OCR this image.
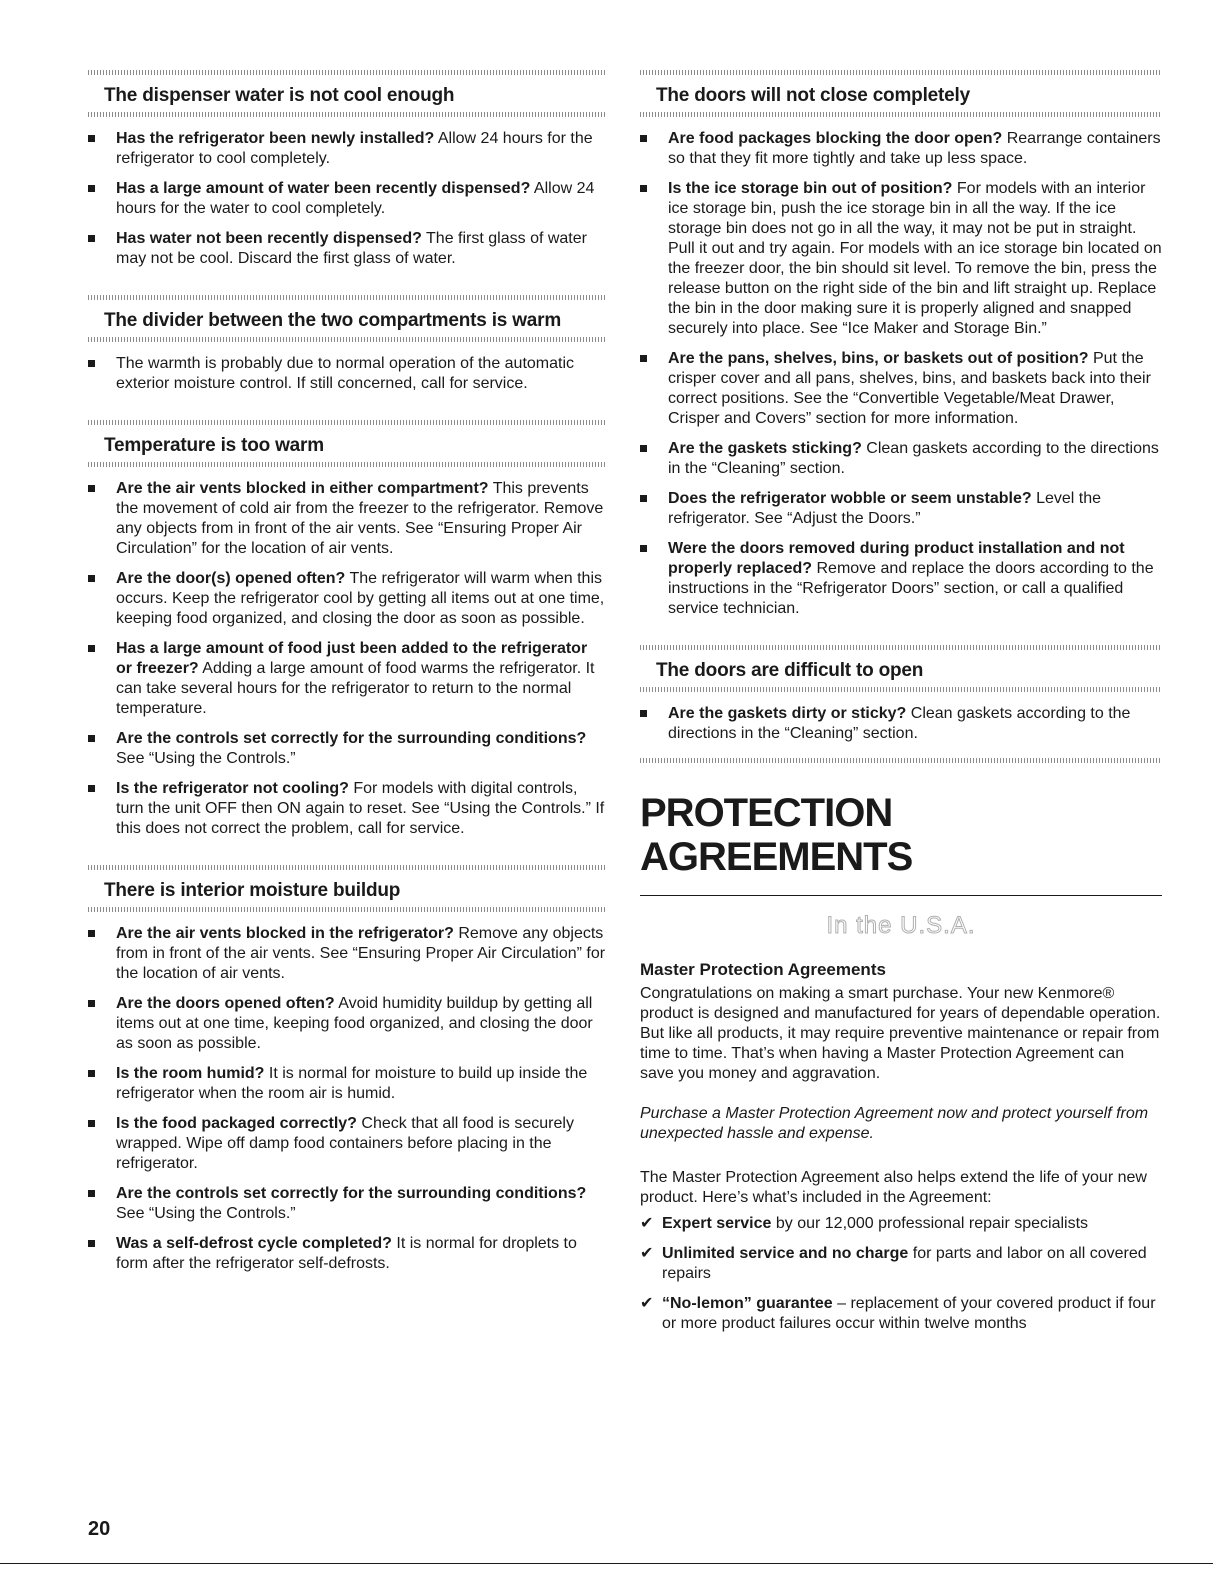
The dispenser water is not cool enough
Has the refrigerator been newly installed? Allow 24 hours for the refrigerator to cool completely.
Has a large amount of water been recently dispensed? Allow 24 hours for the water to cool completely.
Has water not been recently dispensed? The first glass of water may not be cool. Discard the first glass of water.
The divider between the two compartments is warm
The warmth is probably due to normal operation of the automatic exterior moisture control. If still concerned, call for service.
Temperature is too warm
Are the air vents blocked in either compartment? This prevents the movement of cold air from the freezer to the refrigerator. Remove any objects from in front of the air vents. See “Ensuring Proper Air Circulation” for the location of air vents.
Are the door(s) opened often? The refrigerator will warm when this occurs. Keep the refrigerator cool by getting all items out at one time, keeping food organized, and closing the door as soon as possible.
Has a large amount of food just been added to the refrigerator or freezer? Adding a large amount of food warms the refrigerator. It can take several hours for the refrigerator to return to the normal temperature.
Are the controls set correctly for the surrounding conditions? See “Using the Controls.”
Is the refrigerator not cooling? For models with digital controls, turn the unit OFF then ON again to reset. See “Using the Controls.” If this does not correct the problem, call for service.
There is interior moisture buildup
Are the air vents blocked in the refrigerator? Remove any objects from in front of the air vents. See “Ensuring Proper Air Circulation” for the location of air vents.
Are the doors opened often? Avoid humidity buildup by getting all items out at one time, keeping food organized, and closing the door as soon as possible.
Is the room humid? It is normal for moisture to build up inside the refrigerator when the room air is humid.
Is the food packaged correctly? Check that all food is securely wrapped. Wipe off damp food containers before placing in the refrigerator.
Are the controls set correctly for the surrounding conditions? See “Using the Controls.”
Was a self-defrost cycle completed? It is normal for droplets to form after the refrigerator self-defrosts.
The doors will not close completely
Are food packages blocking the door open? Rearrange containers so that they fit more tightly and take up less space.
Is the ice storage bin out of position? For models with an interior ice storage bin, push the ice storage bin in all the way. If the ice storage bin does not go in all the way, it may not be put in straight. Pull it out and try again. For models with an ice storage bin located on the freezer door, the bin should sit level. To remove the bin, press the release button on the right side of the bin and lift straight up. Replace the bin in the door making sure it is properly aligned and snapped securely into place. See “Ice Maker and Storage Bin.”
Are the pans, shelves, bins, or baskets out of position? Put the crisper cover and all pans, shelves, bins, and baskets back into their correct positions. See the “Convertible Vegetable/Meat Drawer, Crisper and Covers” section for more information.
Are the gaskets sticking? Clean gaskets according to the directions in the “Cleaning” section.
Does the refrigerator wobble or seem unstable? Level the refrigerator. See “Adjust the Doors.”
Were the doors removed during product installation and not properly replaced? Remove and replace the doors according to the instructions in the “Refrigerator Doors” section, or call a qualified service technician.
The doors are difficult to open
Are the gaskets dirty or sticky? Clean gaskets according to the directions in the “Cleaning” section.
PROTECTION AGREEMENTS
In the U.S.A.
Master Protection Agreements

Congratulations on making a smart purchase. Your new Kenmore® product is designed and manufactured for years of dependable operation. But like all products, it may require preventive maintenance or repair from time to time. That’s when having a Master Protection Agreement can save you money and aggravation.

Purchase a Master Protection Agreement now and protect yourself from unexpected hassle and expense.

The Master Protection Agreement also helps extend the life of your new product. Here’s what’s included in the Agreement:

✔ Expert service by our 12,000 professional repair specialists
✔ Unlimited service and no charge for parts and labor on all covered repairs
✔ “No-lemon” guarantee – replacement of your covered product if four or more product failures occur within twelve months
20
